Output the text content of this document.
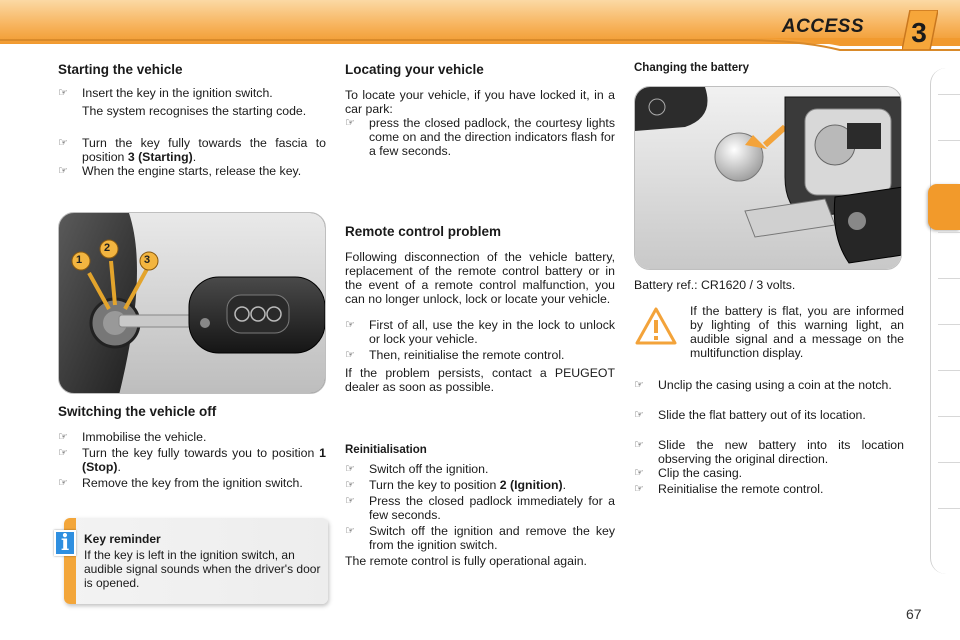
ACCESS 3
Starting the vehicle
☞	Insert the key in the ignition switch.
The system recognises the starting code.
☞	Turn the key fully towards the fascia to position 3 (Starting).
☞	When the engine starts, release the key.
1
2
3
Switching the vehicle off
☞	Immobilise the vehicle.
☞	Turn the key fully towards you to position 1 (Stop).
☞	Remove the key from the ignition switch.
i	Key reminder
If the key is left in the ignition switch, an audible signal sounds when the driver's door is opened.
Locating your vehicle
To locate your vehicle, if you have locked it, in a car park:
☞	press the closed padlock, the courtesy lights come on and the direction indicators flash for a few seconds.
Remote control problem
Following disconnection of the vehicle battery, replacement of the remote control battery or in the event of a remote control malfunction, you can no longer unlock, lock or locate your vehicle.
☞	First of all, use the key in the lock to unlock or lock your vehicle.
☞	Then, reinitialise the remote control.
If the problem persists, contact a PEUGEOT dealer as soon as possible.
Reinitialisation
☞	Switch off the ignition.
☞	Turn the key to position 2 (Ignition).
☞	Press the closed padlock immediately for a few seconds.
☞	Switch off the ignition and remove the key from the ignition switch.
The remote control is fully operational again.
Changing the battery
Battery ref.: CR1620 / 3 volts.
If the battery is flat, you are informed by lighting of this warning light, an audible signal and a message on the multifunction display.
☞	Unclip the casing using a coin at the notch.
☞	Slide the flat battery out of its location.
☞	Slide the new battery into its location observing the original direction.
☞	Clip the casing.
☞	Reinitialise the remote control.
67
